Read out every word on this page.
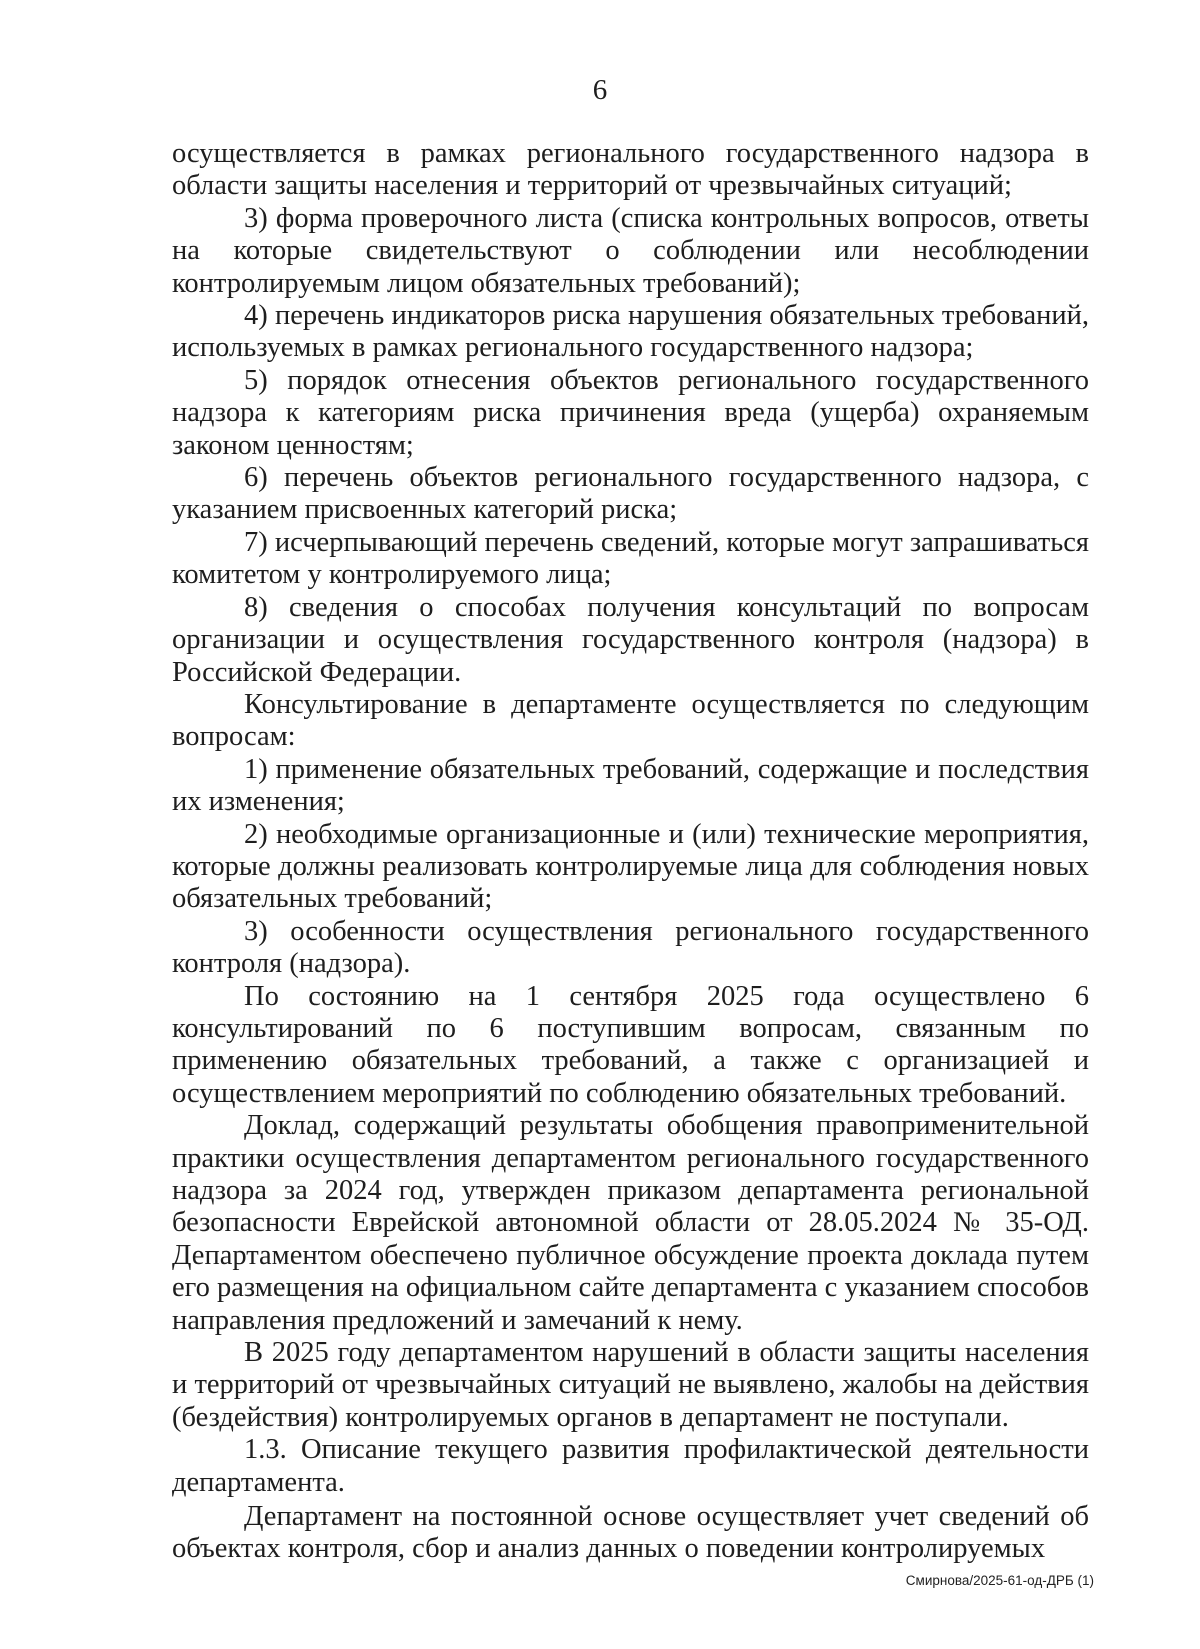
6

осуществляется в рамках регионального государственного надзора в области защиты населения и территорий от чрезвычайных ситуаций;

3) форма проверочного листа (списка контрольных вопросов, ответы на которые свидетельствуют о соблюдении или несоблюдении контролируемым лицом обязательных требований);

4) перечень индикаторов риска нарушения обязательных требований, используемых в рамках регионального государственного надзора;

5) порядок отнесения объектов регионального государственного надзора к категориям риска причинения вреда (ущерба) охраняемым законом ценностям;

6) перечень объектов регионального государственного надзора, с указанием присвоенных категорий риска;

7) исчерпывающий перечень сведений, которые могут запрашиваться комитетом у контролируемого лица;

8) сведения о способах получения консультаций по вопросам организации и осуществления государственного контроля (надзора) в Российской Федерации.

Консультирование в департаменте осуществляется по следующим вопросам:

1) применение обязательных требований, содержащие и последствия их изменения;

2) необходимые организационные и (или) технические мероприятия, которые должны реализовать контролируемые лица для соблюдения новых обязательных требований;

3) особенности осуществления регионального государственного контроля (надзора).

По состоянию на 1 сентября 2025 года осуществлено 6 консультирований по 6 поступившим вопросам, связанным по применению обязательных требований, а также с организацией и осуществлением мероприятий по соблюдению обязательных требований.

Доклад, содержащий результаты обобщения правоприменительной практики осуществления департаментом регионального государственного надзора за 2024 год, утвержден приказом департамента региональной безопасности Еврейской автономной области от 28.05.2024 № 35-ОД. Департаментом обеспечено публичное обсуждение проекта доклада путем его размещения на официальном сайте департамента с указанием способов направления предложений и замечаний к нему.

В 2025 году департаментом нарушений в области защиты населения и территорий от чрезвычайных ситуаций не выявлено, жалобы на действия (бездействия) контролируемых органов в департамент не поступали.

1.3. Описание текущего развития профилактической деятельности департамента.

Департамент на постоянной основе осуществляет учет сведений об объектах контроля, сбор и анализ данных о поведении контролируемых

Смирнова/2025-61-од-ДРБ (1)
